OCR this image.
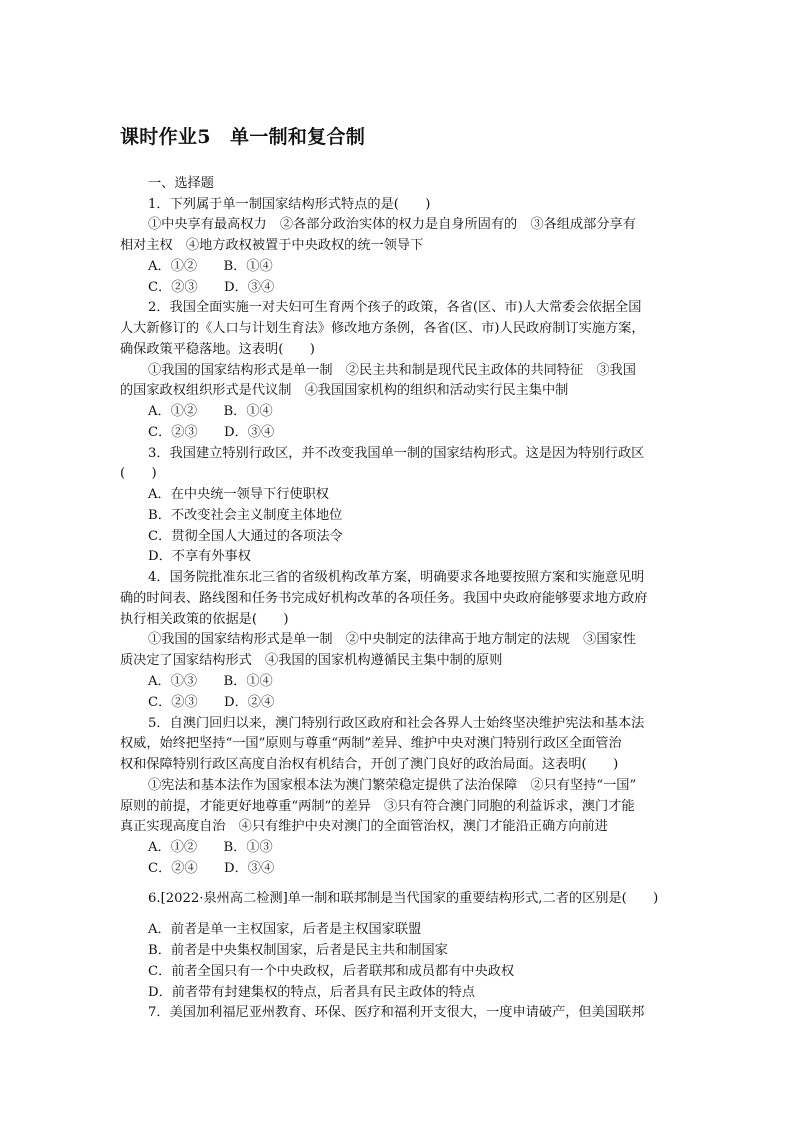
课时作业5　单一制和复合制
一、选择题
1．下列属于单一制国家结构形式特点的是(　　)
①中央享有最高权力　②各部分政治实体的权力是自身所固有的　③各组成部分享有
相对主权　④地方政权被置于中央政权的统一领导下
A．①②　　B．①④
C．②③　　D．③④
2．我国全面实施一对夫妇可生育两个孩子的政策，各省(区、市)人大常委会依据全国
人大新修订的《人口与计划生育法》修改地方条例，各省(区、市)人民政府制订实施方案，
确保政策平稳落地。这表明(　　)
①我国的国家结构形式是单一制　②民主共和制是现代民主政体的共同特征　③我国
的国家政权组织形式是代议制　④我国国家机构的组织和活动实行民主集中制
A．①②　　B．①④
C．②③　　D．③④
3．我国建立特别行政区，并不改变我国单一制的国家结构形式。这是因为特别行政区
(　　)
A．在中央统一领导下行使职权
B．不改变社会主义制度主体地位
C．贯彻全国人大通过的各项法令
D．不享有外事权
4．国务院批准东北三省的省级机构改革方案，明确要求各地要按照方案和实施意见明
确的时间表、路线图和任务书完成好机构改革的各项任务。我国中央政府能够要求地方政府
执行相关政策的依据是(　　)
①我国的国家结构形式是单一制　②中央制定的法律高于地方制定的法规　③国家性
质决定了国家结构形式　④我国的国家机构遵循民主集中制的原则
A．①③　　B．①④
C．②③　　D．②④
5．自澳门回归以来，澳门特别行政区政府和社会各界人士始终坚决维护宪法和基本法
权威，始终把坚持“一国”原则与尊重“两制”差异、维护中央对澳门特别行政区全面管治
权和保障特别行政区高度自治权有机结合，开创了澳门良好的政治局面。这表明(　　)
①宪法和基本法作为国家根本法为澳门繁荣稳定提供了法治保障　②只有坚持“一国”
原则的前提，才能更好地尊重“两制”的差异　③只有符合澳门同胞的利益诉求，澳门才能
真正实现高度自治　④只有维护中央对澳门的全面管治权，澳门才能沿正确方向前进
A．①②　　B．①③
C．②④　　D．③④
6.[2022·泉州高二检测]单一制和联邦制是当代国家的重要结构形式,二者的区别是(　　)
A．前者是单一主权国家，后者是主权国家联盟
B．前者是中央集权制国家，后者是民主共和制国家
C．前者全国只有一个中央政权，后者联邦和成员都有中央政权
D．前者带有封建集权的特点，后者具有民主政体的特点
7．美国加利福尼亚州教育、环保、医疗和福利开支很大，一度申请破产，但美国联邦
